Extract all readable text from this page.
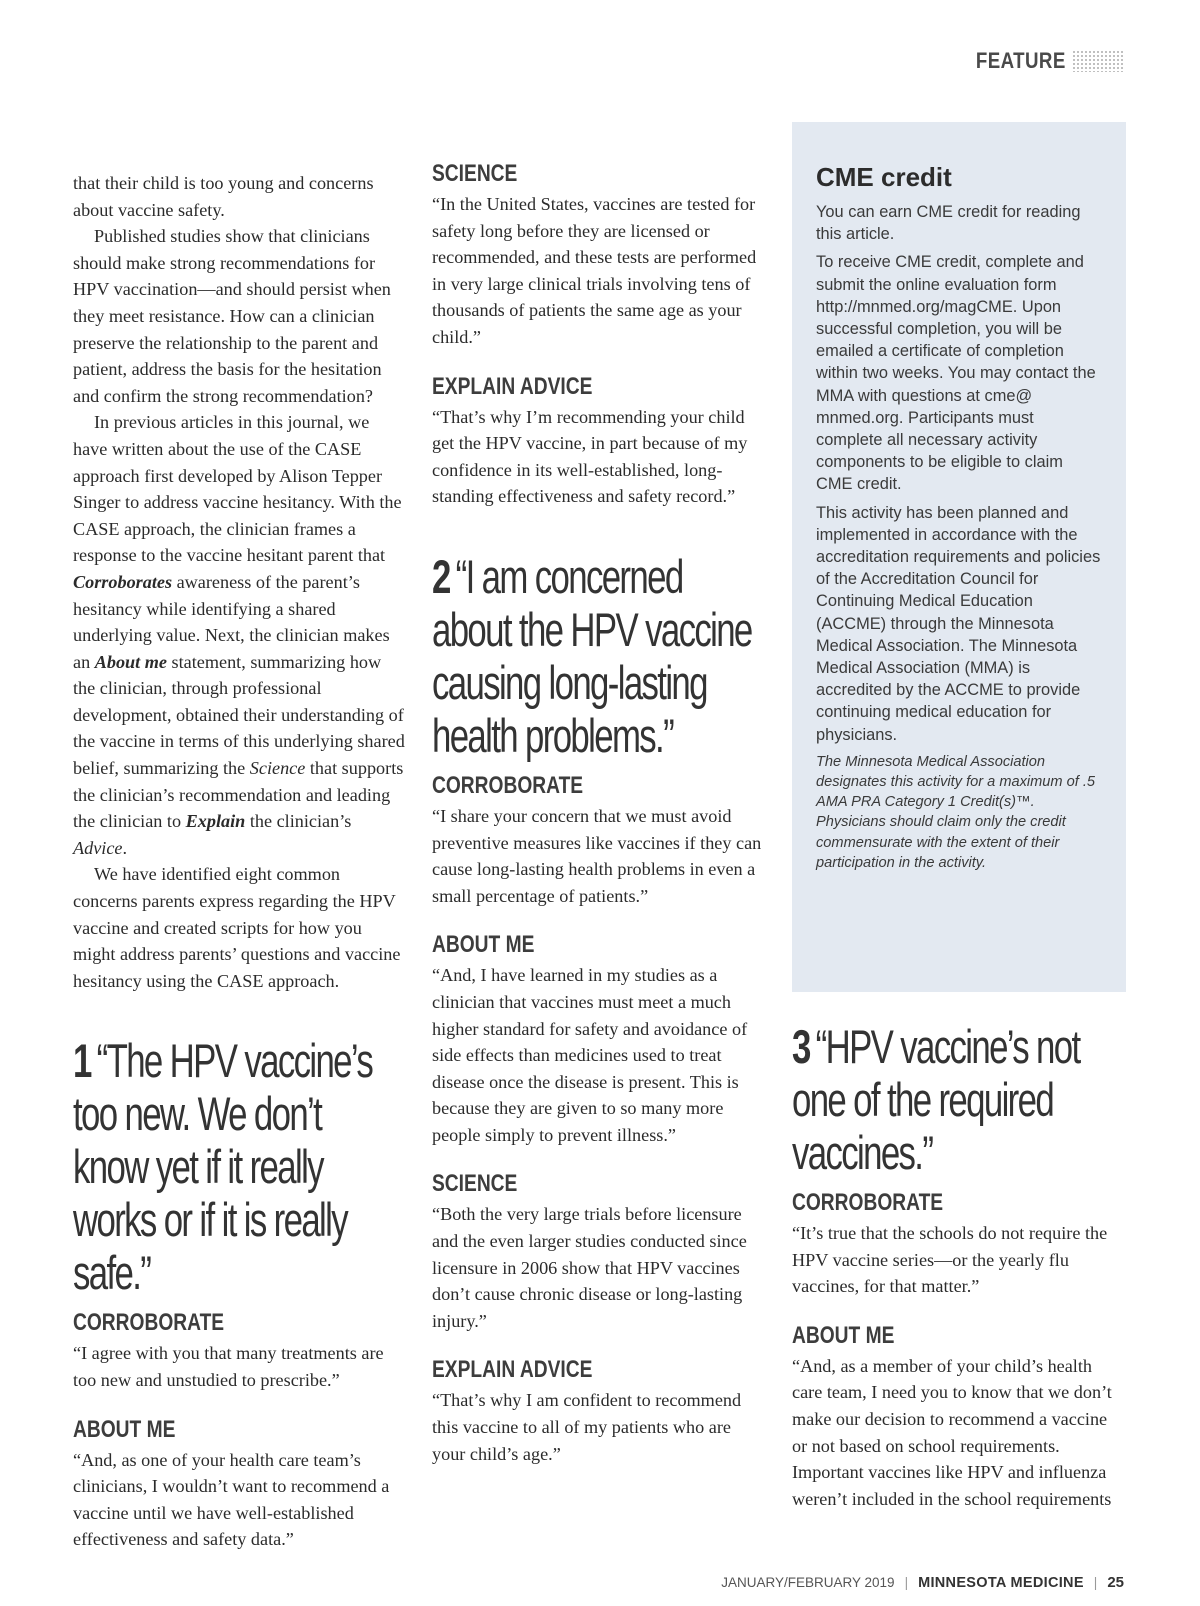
FEATURE

that their child is too young and concerns about vaccine safety.

Published studies show that clinicians should make strong recommendations for HPV vaccination—and should persist when they meet resistance. How can a clinician preserve the relationship to the parent and patient, address the basis for the hesitation and confirm the strong recommendation?

In previous articles in this journal, we have written about the use of the CASE approach first developed by Alison Tepper Singer to address vaccine hesitancy. With the CASE approach, the clinician frames a response to the vaccine hesitant parent that Corroborates awareness of the parent’s hesitancy while identifying a shared underlying value. Next, the clinician makes an About me statement, summarizing how the clinician, through professional development, obtained their understanding of the vaccine in terms of this underlying shared belief, summarizing the Science that supports the clinician’s recommendation and leading the clinician to Explain the clinician’s Advice.

We have identified eight common concerns parents express regarding the HPV vaccine and created scripts for how you might address parents’ questions and vaccine hesitancy using the CASE approach.

1 “The HPV vaccine’s too new. We don’t know yet if it really works or if it is really safe.”
CORROBORATE

“I agree with you that many treatments are too new and unstudied to prescribe.”

ABOUT ME

“And, as one of your health care team’s clinicians, I wouldn’t want to recommend a vaccine until we have well-established effectiveness and safety data.”

SCIENCE

“In the United States, vaccines are tested for safety long before they are licensed or recommended, and these tests are performed in very large clinical trials involving tens of thousands of patients the same age as your child.”

EXPLAIN ADVICE

“That’s why I’m recommending your child get the HPV vaccine, in part because of my confidence in its well-established, long-standing effectiveness and safety record.”

2 “I am concerned about the HPV vaccine causing long-lasting health problems.”
CORROBORATE

“I share your concern that we must avoid preventive measures like vaccines if they can cause long-lasting health problems in even a small percentage of patients.”

ABOUT ME

“And, I have learned in my studies as a clinician that vaccines must meet a much higher standard for safety and avoidance of side effects than medicines used to treat disease once the disease is present. This is because they are given to so many more people simply to prevent illness.”

SCIENCE

“Both the very large trials before licensure and the even larger studies conducted since licensure in 2006 show that HPV vaccines don’t cause chronic disease or long-lasting injury.”

EXPLAIN ADVICE

“That’s why I am confident to recommend this vaccine to all of my patients who are your child’s age.”

CME credit

You can earn CME credit for reading this article.

To receive CME credit, complete and submit the online evaluation form http://mnmed.org/magCME. Upon successful completion, you will be emailed a certificate of completion within two weeks. You may contact the MMA with questions at cme@ mnmed.org. Participants must complete all necessary activity components to be eligible to claim CME credit.

This activity has been planned and implemented in accordance with the accreditation requirements and policies of the Accreditation Council for Continuing Medical Education (ACCME) through the Minnesota Medical Association. The Minnesota Medical Association (MMA) is accredited by the ACCME to provide continuing medical education for physicians.

The Minnesota Medical Association designates this activity for a maximum of .5 AMA PRA Category 1 Credit(s)™. Physicians should claim only the credit commensurate with the extent of their participation in the activity.

3 “HPV vaccine’s not one of the required vaccines.”
CORROBORATE

“It’s true that the schools do not require the HPV vaccine series—or the yearly flu vaccines, for that matter.”

ABOUT ME

“And, as a member of your child’s health care team, I need you to know that we don’t make our decision to recommend a vaccine or not based on school requirements. Important vaccines like HPV and influenza weren’t included in the school requirements

JANUARY/FEBRUARY 2019 | MINNESOTA MEDICINE | 25
